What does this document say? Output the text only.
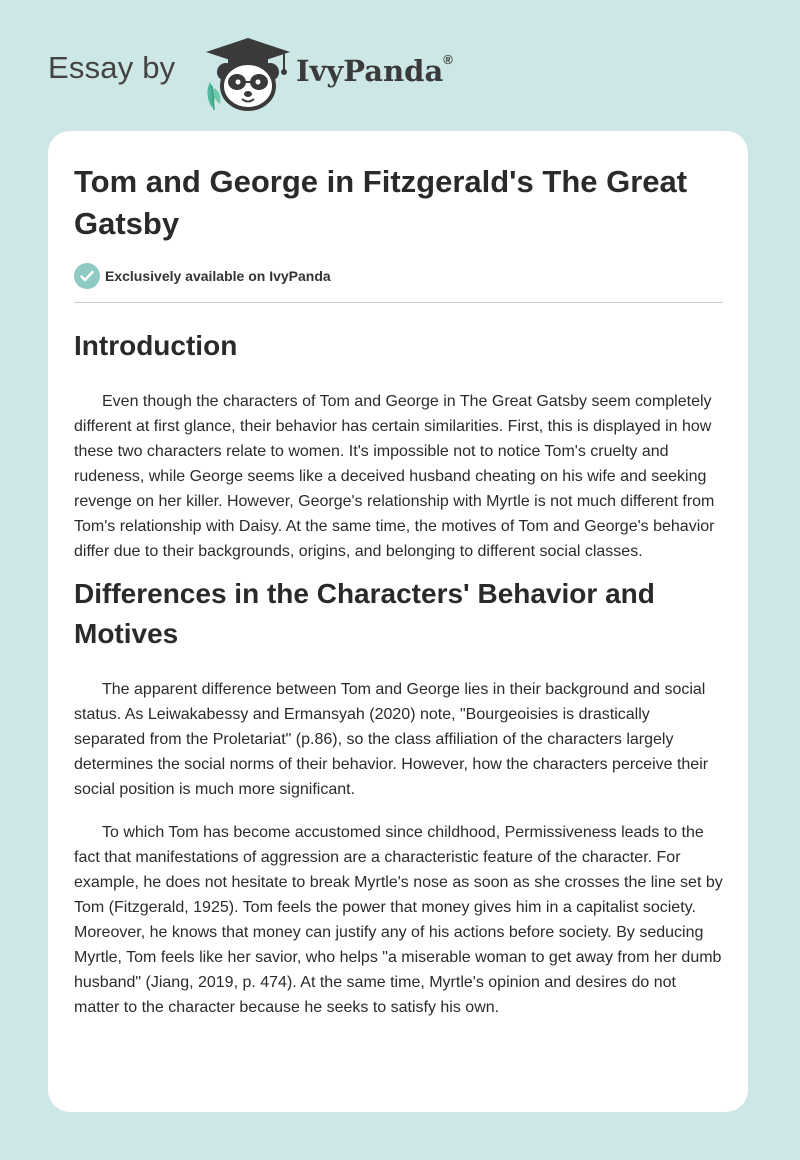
Essay by	IvyPanda®
Tom and George in Fitzgerald's The Great Gatsby
Exclusively available on IvyPanda
Introduction

Even though the characters of Tom and George in The Great Gatsby seem completely different at first glance, their behavior has certain similarities. First, this is displayed in how these two characters relate to women. It's impossible not to notice Tom's cruelty and rudeness, while George seems like a deceived husband cheating on his wife and seeking revenge on her killer. However, George's relationship with Myrtle is not much different from Tom's relationship with Daisy. At the same time, the motives of Tom and George's behavior differ due to their backgrounds, origins, and belonging to different social classes.

Differences in the Characters' Behavior and Motives

The apparent difference between Tom and George lies in their background and social status. As Leiwakabessy and Ermansyah (2020) note, "Bourgeoisies is drastically separated from the Proletariat" (p.86), so the class affiliation of the characters largely determines the social norms of their behavior. However, how the characters perceive their social position is much more significant.

To which Tom has become accustomed since childhood, Permissiveness leads to the fact that manifestations of aggression are a characteristic feature of the character. For example, he does not hesitate to break Myrtle's nose as soon as she crosses the line set by Tom (Fitzgerald, 1925). Tom feels the power that money gives him in a capitalist society. Moreover, he knows that money can justify any of his actions before society. By seducing Myrtle, Tom feels like her savior, who helps "a miserable woman to get away from her dumb husband" (Jiang, 2019, p. 474). At the same time, Myrtle's opinion and desires do not matter to the character because he seeks to satisfy his own.
